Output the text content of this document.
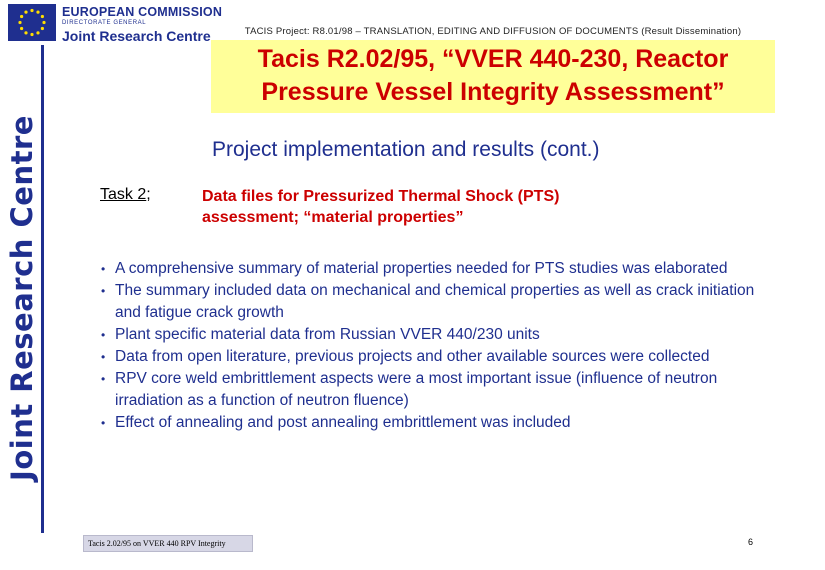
EUROPEAN COMMISSION
DIRECTORATE GENERAL
Joint Research Centre
Joint Research Centre
TACIS Project: R8.01/98 – TRANSLATION, EDITING AND DIFFUSION OF DOCUMENTS (Result Dissemination)
Tacis R2.02/95, “VVER 440-230, Reactor
Pressure Vessel Integrity Assessment”
Project implementation and results (cont.)
Task 2;	Data files for Pressurized Thermal Shock (PTS)
assessment; “material properties”
• A comprehensive summary of material properties needed for PTS studies was elaborated
• The summary included data on mechanical and chemical properties as well as crack initiation and fatigue crack growth
• Plant specific material data from Russian VVER 440/230 units
• Data from open literature, previous projects and other available sources were collected
• RPV core weld embrittlement aspects were a most important issue (influence of neutron irradiation as a function of neutron fluence)
• Effect of annealing and post annealing embrittlement was included
Tacis 2.02/95 on VVER 440 RPV Integrity	6
